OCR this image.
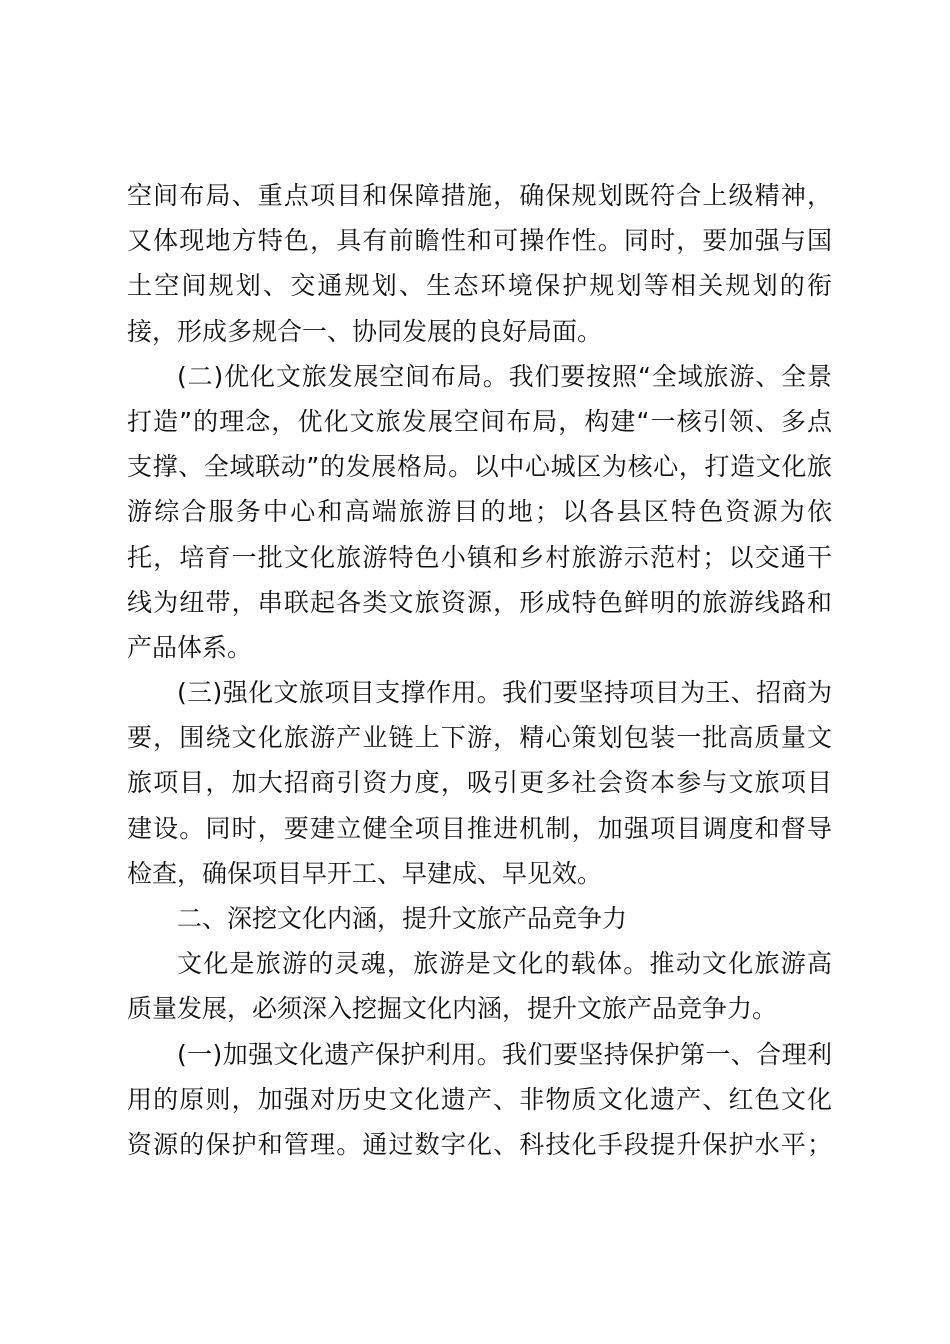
空间布局、重点项目和保障措施，确保规划既符合上级精神，
又体现地方特色，具有前瞻性和可操作性。同时，要加强与国
土空间规划、交通规划、生态环境保护规划等相关规划的衔
接，形成多规合一、协同发展的良好局面。
(二)优化文旅发展空间布局。我们要按照“全域旅游、全景
打造”的理念，优化文旅发展空间布局，构建“一核引领、多点
支撑、全域联动”的发展格局。以中心城区为核心，打造文化旅
游综合服务中心和高端旅游目的地；以各县区特色资源为依
托，培育一批文化旅游特色小镇和乡村旅游示范村；以交通干
线为纽带，串联起各类文旅资源，形成特色鲜明的旅游线路和
产品体系。
(三)强化文旅项目支撑作用。我们要坚持项目为王、招商为
要，围绕文化旅游产业链上下游，精心策划包装一批高质量文
旅项目，加大招商引资力度，吸引更多社会资本参与文旅项目
建设。同时，要建立健全项目推进机制，加强项目调度和督导
检查，确保项目早开工、早建成、早见效。
二、深挖文化内涵，提升文旅产品竞争力
文化是旅游的灵魂，旅游是文化的载体。推动文化旅游高
质量发展，必须深入挖掘文化内涵，提升文旅产品竞争力。
(一)加强文化遗产保护利用。我们要坚持保护第一、合理利
用的原则，加强对历史文化遗产、非物质文化遗产、红色文化
资源的保护和管理。通过数字化、科技化手段提升保护水平；
